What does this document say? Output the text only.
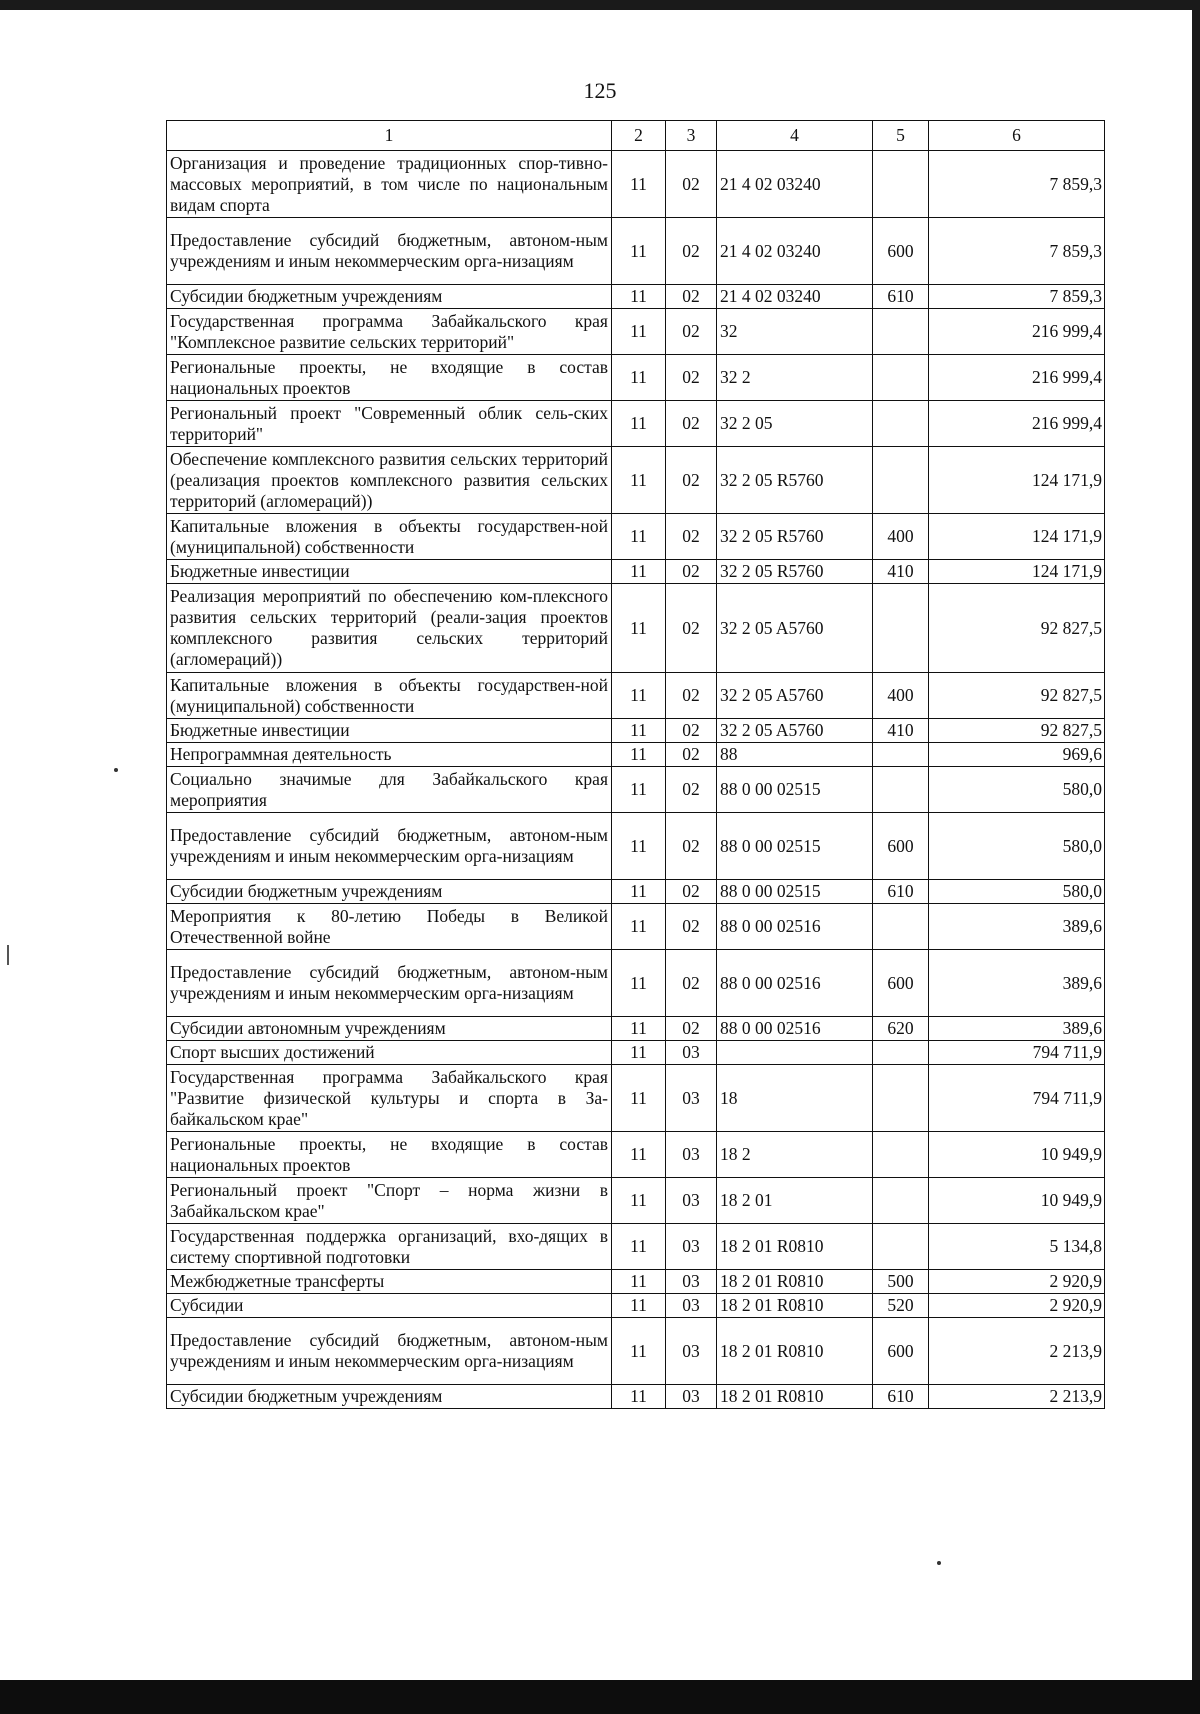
125
1	2	3	4	5	6
Организация и проведение традиционных спор-тивно-массовых мероприятий, в том числе по национальным видам спорта	11	02	21 4 02 03240		7 859,3
Предоставление субсидий бюджетным, автоном-ным учреждениям и иным некоммерческим орга-низациям	11	02	21 4 02 03240	600	7 859,3
Субсидии бюджетным учреждениям	11	02	21 4 02 03240	610	7 859,3
Государственная программа Забайкальского края "Комплексное развитие сельских территорий"	11	02	32		216 999,4
Региональные проекты, не входящие в состав национальных проектов	11	02	32 2		216 999,4
Региональный проект "Современный облик сель-ских территорий"	11	02	32 2 05		216 999,4
Обеспечение комплексного развития сельских территорий (реализация проектов комплексного развития сельских территорий (агломераций))	11	02	32 2 05 R5760		124 171,9
Капитальные вложения в объекты государствен-ной (муниципальной) собственности	11	02	32 2 05 R5760	400	124 171,9
Бюджетные инвестиции	11	02	32 2 05 R5760	410	124 171,9
Реализация мероприятий по обеспечению ком-плексного развития сельских территорий (реали-зация проектов комплексного развития сельских территорий (агломераций))	11	02	32 2 05 A5760		92 827,5
Капитальные вложения в объекты государствен-ной (муниципальной) собственности	11	02	32 2 05 A5760	400	92 827,5
Бюджетные инвестиции	11	02	32 2 05 A5760	410	92 827,5
Непрограммная деятельность	11	02	88		969,6
Социально значимые для Забайкальского края мероприятия	11	02	88 0 00 02515		580,0
Предоставление субсидий бюджетным, автоном-ным учреждениям и иным некоммерческим орга-низациям	11	02	88 0 00 02515	600	580,0
Субсидии бюджетным учреждениям	11	02	88 0 00 02515	610	580,0
Мероприятия к 80-летию Победы в Великой Отечественной войне	11	02	88 0 00 02516		389,6
Предоставление субсидий бюджетным, автоном-ным учреждениям и иным некоммерческим орга-низациям	11	02	88 0 00 02516	600	389,6
Субсидии автономным учреждениям	11	02	88 0 00 02516	620	389,6
Спорт высших достижений	11	03			794 711,9
Государственная программа Забайкальского края "Развитие физической культуры и спорта в За-байкальском крае"	11	03	18		794 711,9
Региональные проекты, не входящие в состав национальных проектов	11	03	18 2		10 949,9
Региональный проект "Спорт – норма жизни в Забайкальском крае"	11	03	18 2 01		10 949,9
Государственная поддержка организаций, вхо-дящих в систему спортивной подготовки	11	03	18 2 01 R0810		5 134,8
Межбюджетные трансферты	11	03	18 2 01 R0810	500	2 920,9
Субсидии	11	03	18 2 01 R0810	520	2 920,9
Предоставление субсидий бюджетным, автоном-ным учреждениям и иным некоммерческим орга-низациям	11	03	18 2 01 R0810	600	2 213,9
Субсидии бюджетным учреждениям	11	03	18 2 01 R0810	610	2 213,9
